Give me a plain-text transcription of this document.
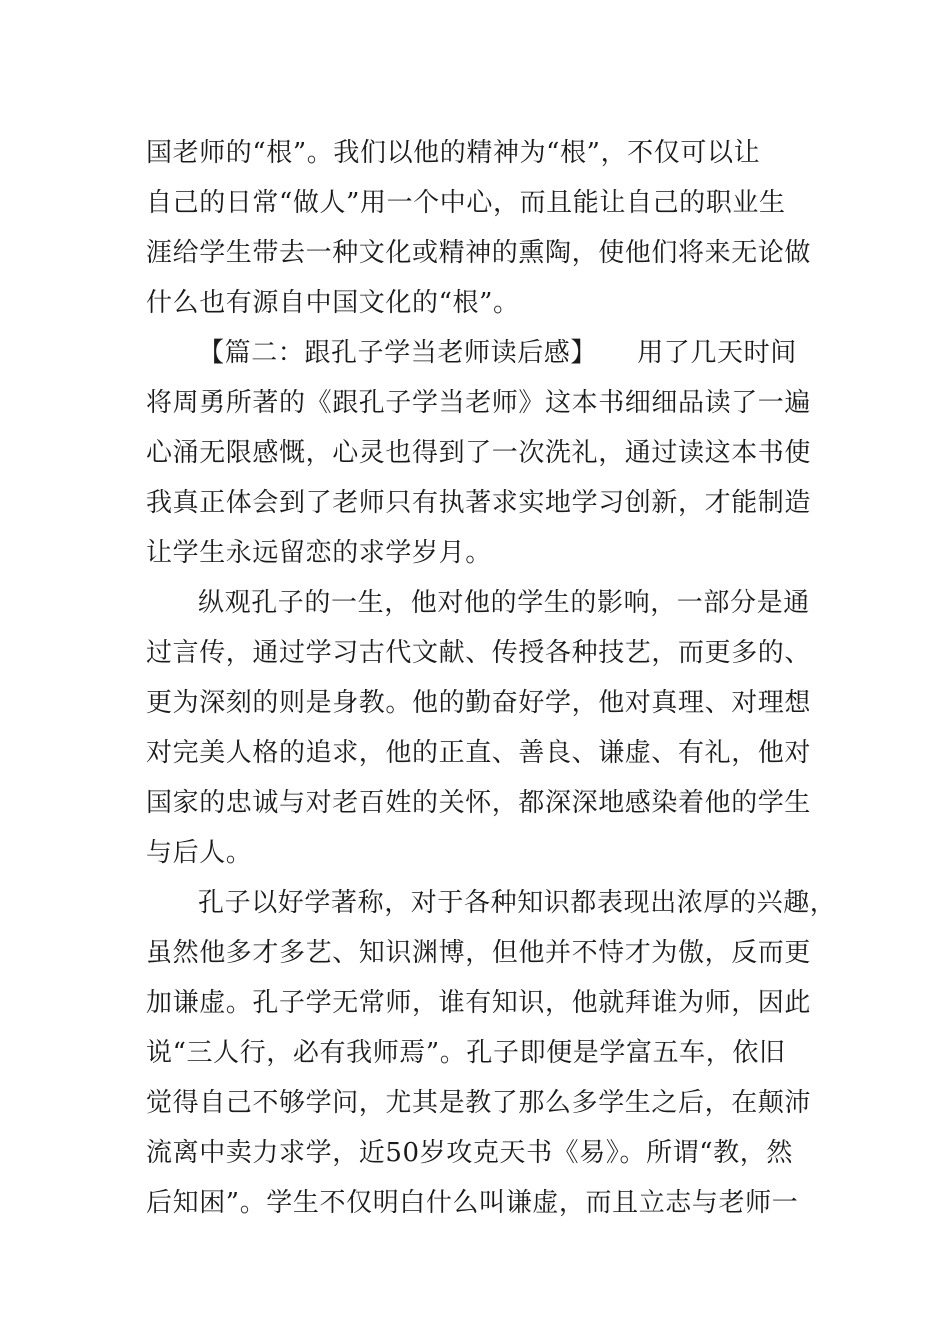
国老师的“根”。我们以他的精神为“根”，不仅可以让
自己的日常“做人”用一个中心，而且能让自己的职业生
涯给学生带去一种文化或精神的熏陶，使他们将来无论做
什么也有源自中国文化的“根”。
【篇二：跟孔子学当老师读后感】　　用了几天时间
将周勇所著的《跟孔子学当老师》这本书细细品读了一遍
心涌无限感慨，心灵也得到了一次洗礼，通过读这本书使
我真正体会到了老师只有执著求实地学习创新，才能制造
让学生永远留恋的求学岁月。
纵观孔子的一生，他对他的学生的影响，一部分是通
过言传，通过学习古代文献、传授各种技艺，而更多的、
更为深刻的则是身教。他的勤奋好学，他对真理、对理想
对完美人格的追求，他的正直、善良、谦虚、有礼，他对
国家的忠诚与对老百姓的关怀，都深深地感染着他的学生
与后人。
孔子以好学著称，对于各种知识都表现出浓厚的兴趣，
虽然他多才多艺、知识渊博，但他并不恃才为傲，反而更
加谦虚。孔子学无常师，谁有知识，他就拜谁为师，因此
说“三人行，必有我师焉”。孔子即便是学富五车，依旧
觉得自己不够学问，尤其是教了那么多学生之后，在颠沛
流离中卖力求学，近50岁攻克天书《易》。所谓“教，然
后知困”。学生不仅明白什么叫谦虚，而且立志与老师一
